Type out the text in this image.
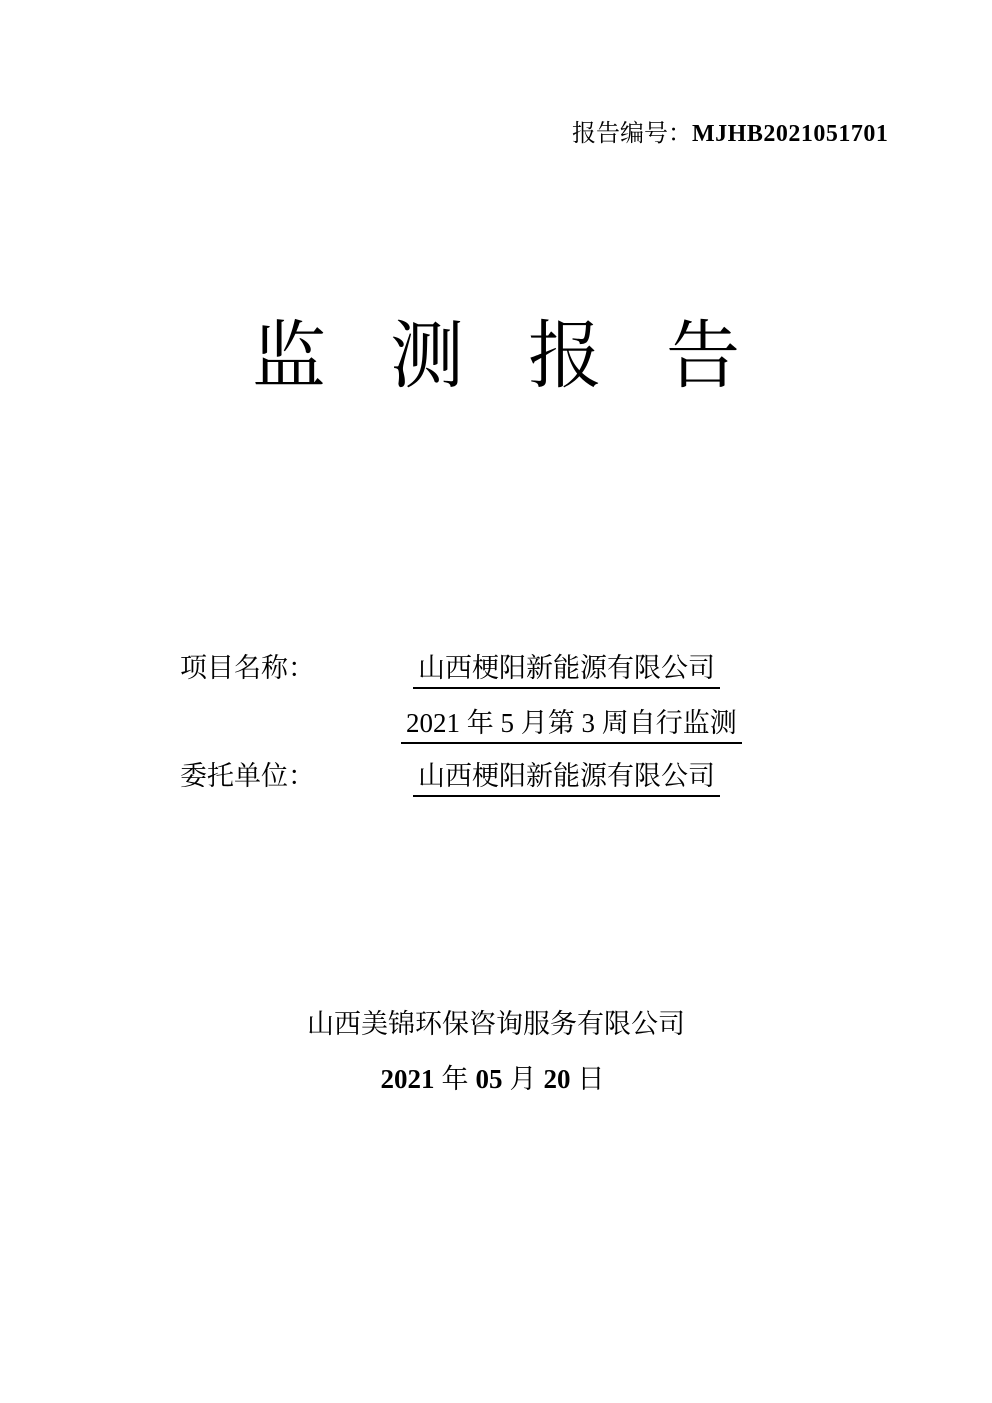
报告编号：MJHB2021051701
监测报告
项目名称：	山西梗阳新能源有限公司
2021 年 5 月第 3 周自行监测
委托单位：	山西梗阳新能源有限公司
山西美锦环保咨询服务有限公司
2021 年 05 月 20 日
